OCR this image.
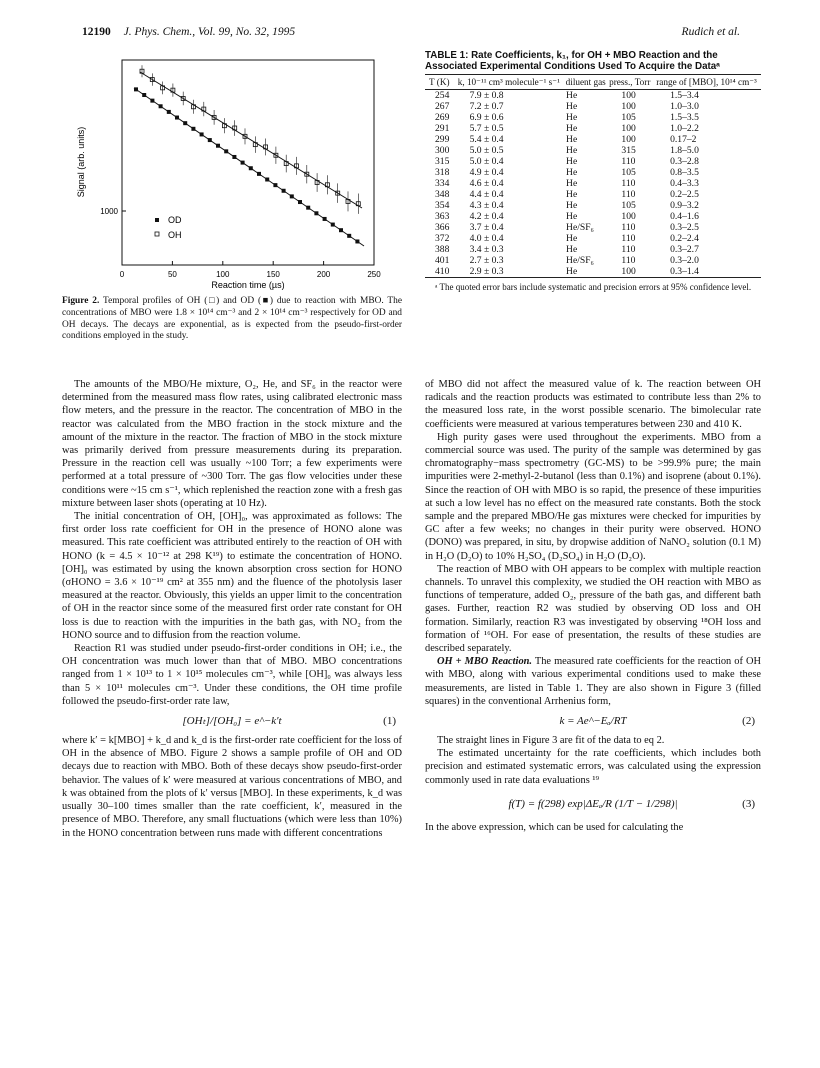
12190 J. Phys. Chem., Vol. 99, No. 32, 1995	Rudich et al.
1000
Signal (arb. units)
0	50	100	150	200	250
Reaction time (µs)
OD
OH
Figure 2. Temporal profiles of OH (□) and OD (■) due to reaction with MBO. The concentrations of MBO were 1.8 × 10¹⁴ cm⁻³ and 2 × 10¹⁴ cm⁻³ respectively for OD and OH decays. The decays are exponential, as is expected from the pseudo-first-order conditions employed in the study.
TABLE 1: Rate Coefficients, k₁, for OH + MBO Reaction and the Associated Experimental Conditions Used To Acquire the Dataᵃ
T (K)	k, 10⁻¹¹ cm³ molecule⁻¹ s⁻¹	diluent gas	press., Torr	range of [MBO], 10¹⁴ cm⁻³
254	7.9 ± 0.8	He	100	1.5–3.4
267	7.2 ± 0.7	He	100	1.0–3.0
269	6.9 ± 0.6	He	105	1.5–3.5
291	5.7 ± 0.5	He	100	1.0–2.2
299	5.4 ± 0.4	He	100	0.17–2
300	5.0 ± 0.5	He	315	1.8–5.0
315	5.0 ± 0.4	He	110	0.3–2.8
318	4.9 ± 0.4	He	105	0.8–3.5
334	4.6 ± 0.4	He	110	0.4–3.3
348	4.4 ± 0.4	He	110	0.2–2.5
354	4.3 ± 0.4	He	105	0.9–3.2
363	4.2 ± 0.4	He	100	0.4–1.6
366	3.7 ± 0.4	He/SF₆	110	0.3–2.5
372	4.0 ± 0.4	He	110	0.2–2.4
388	3.4 ± 0.3	He	110	0.3–2.7
401	2.7 ± 0.3	He/SF₆	110	0.3–2.0
410	2.9 ± 0.3	He	100	0.3–1.4
ᵃ The quoted error bars include systematic and precision errors at 95% confidence level.

The amounts of the MBO/He mixture, O₂, He, and SF₆ in the reactor were determined from the measured mass flow rates, using calibrated electronic mass flow meters, and the pressure in the reactor. The concentration of MBO in the reactor was calculated from the MBO fraction in the stock mixture and the amount of the mixture in the reactor. The fraction of MBO in the stock mixture was primarily derived from pressure measurements during its preparation. Pressure in the reaction cell was usually ~100 Torr; a few experiments were performed at a total pressure of ~300 Torr. The gas flow velocities under these conditions were ~15 cm s⁻¹, which replenished the reaction zone with a fresh gas mixture between laser shots (operating at 10 Hz).

The initial concentration of OH, [OH]₀, was approximated as follows: The first order loss rate coefficient for OH in the presence of HONO alone was measured. This rate coefficient was attributed entirely to the reaction of OH with HONO (k = 4.5 × 10⁻¹² at 298 K¹⁹) to estimate the concentration of HONO. [OH]₀ was estimated by using the known absorption cross section for HONO (σHONO = 3.6 × 10⁻¹⁹ cm² at 355 nm) and the fluence of the photolysis laser measured at the reactor. Obviously, this yields an upper limit to the concentration of OH in the reactor since some of the measured first order rate constant for OH loss is due to reaction with the impurities in the bath gas, with NO₂ from the HONO source and to diffusion from the reaction volume.

Reaction R1 was studied under pseudo-first-order conditions in OH; i.e., the OH concentration was much lower than that of MBO. MBO concentrations ranged from 1 × 10¹³ to 1 × 10¹⁵ molecules cm⁻³, while [OH]₀ was always less than 5 × 10¹¹ molecules cm⁻³. Under these conditions, the OH time profile followed the pseudo-first-order rate law,

[OHₜ]/[OH₀] = e^−k′t	(1)

where k′ = k[MBO] + k_d and k_d is the first-order rate coefficient for the loss of OH in the absence of MBO. Figure 2 shows a sample profile of OH and OD decays due to reaction with MBO. Both of these decays show pseudo-first-order behavior. The values of k′ were measured at various concentrations of MBO, and k was obtained from the plots of k′ versus [MBO]. In these experiments, k_d was usually 30–100 times smaller than the rate coefficient, k′, measured in the presence of MBO. Therefore, any small fluctuations (which were less than 10%) in the HONO concentration between runs made with different concentrations

of MBO did not affect the measured value of k. The reaction between OH radicals and the reaction products was estimated to contribute less than 2% to the measured loss rate, in the worst possible scenario. The bimolecular rate coefficients were measured at various temperatures between 230 and 410 K.

High purity gases were used throughout the experiments. MBO from a commercial source was used. The purity of the sample was determined by gas chromatography−mass spectrometry (GC-MS) to be >99.9% pure; the main impurities were 2-methyl-2-butanol (less than 0.1%) and isoprene (about 0.1%). Since the reaction of OH with MBO is so rapid, the presence of these impurities at such a low level has no effect on the measured rate constants. Both the stock sample and the prepared MBO/He gas mixtures were checked for impurities by GC after a few weeks; no changes in their purity were observed. HONO (DONO) was prepared, in situ, by dropwise addition of NaNO₂ solution (0.1 M) in H₂O (D₂O) to 10% H₂SO₄ (D₂SO₄) in H₂O (D₂O).

The reaction of MBO with OH appears to be complex with multiple reaction channels. To unravel this complexity, we studied the OH reaction with MBO as functions of temperature, added O₂, pressure of the bath gas, and different bath gases. Further, reaction R2 was studied by observing OD loss and OH formation. Similarly, reaction R3 was investigated by observing ¹⁸OH loss and formation of ¹⁶OH. For ease of presentation, the results of these studies are described separately.

OH + MBO Reaction. The measured rate coefficients for the reaction of OH with MBO, along with various experimental conditions used to make these measurements, are listed in Table 1. They are also shown in Figure 3 (filled squares) in the conventional Arrhenius form,

k = Ae^−Eₐ/RT	(2)

The straight lines in Figure 3 are fit of the data to eq 2.

The estimated uncertainty for the rate coefficients, which includes both precision and estimated systematic errors, was calculated using the expression commonly used in rate data evaluations ¹⁹

f(T) = f(298) exp|ΔEₐ/R (1/T − 1/298)|	(3)

In the above expression, which can be used for calculating the
